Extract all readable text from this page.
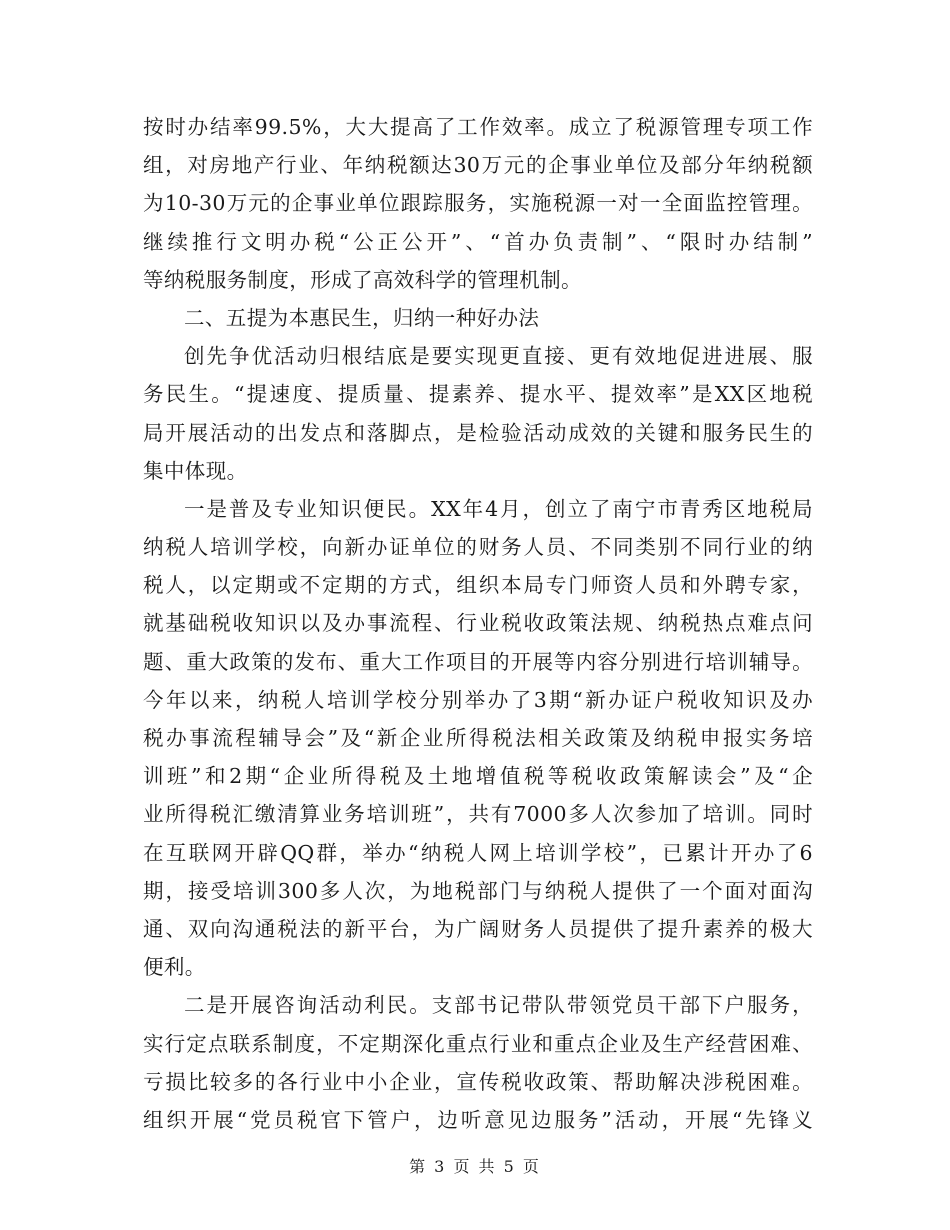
按时办结率99.5%，大大提高了工作效率。成立了税源管理专项工作
组，对房地产行业、年纳税额达30万元的企事业单位及部分年纳税额
为10-30万元的企事业单位跟踪服务，实施税源一对一全面监控管理。
继续推行文明办税“公正公开”、“首办负责制”、“限时办结制”
等纳税服务制度，形成了高效科学的管理机制。
二、五提为本惠民生，归纳一种好办法
创先争优活动归根结底是要实现更直接、更有效地促进进展、服
务民生。“提速度、提质量、提素养、提水平、提效率”是XX区地税
局开展活动的出发点和落脚点，是检验活动成效的关键和服务民生的
集中体现。
一是普及专业知识便民。XX年4月，创立了南宁市青秀区地税局
纳税人培训学校，向新办证单位的财务人员、不同类别不同行业的纳
税人，以定期或不定期的方式，组织本局专门师资人员和外聘专家，
就基础税收知识以及办事流程、行业税收政策法规、纳税热点难点问
题、重大政策的发布、重大工作项目的开展等内容分别进行培训辅导。
今年以来，纳税人培训学校分别举办了3期“新办证户税收知识及办
税办事流程辅导会”及“新企业所得税法相关政策及纳税申报实务培
训班”和2期“企业所得税及土地增值税等税收政策解读会”及“企
业所得税汇缴清算业务培训班”，共有7000多人次参加了培训。同时
在互联网开辟QQ群，举办“纳税人网上培训学校”，已累计开办了6
期，接受培训300多人次，为地税部门与纳税人提供了一个面对面沟
通、双向沟通税法的新平台，为广阔财务人员提供了提升素养的极大
便利。
二是开展咨询活动利民。支部书记带队带领党员干部下户服务，
实行定点联系制度，不定期深化重点行业和重点企业及生产经营困难、
亏损比较多的各行业中小企业，宣传税收政策、帮助解决涉税困难。
组织开展“党员税官下管户，边听意见边服务”活动，开展“先锋义
第 3 页 共 5 页
